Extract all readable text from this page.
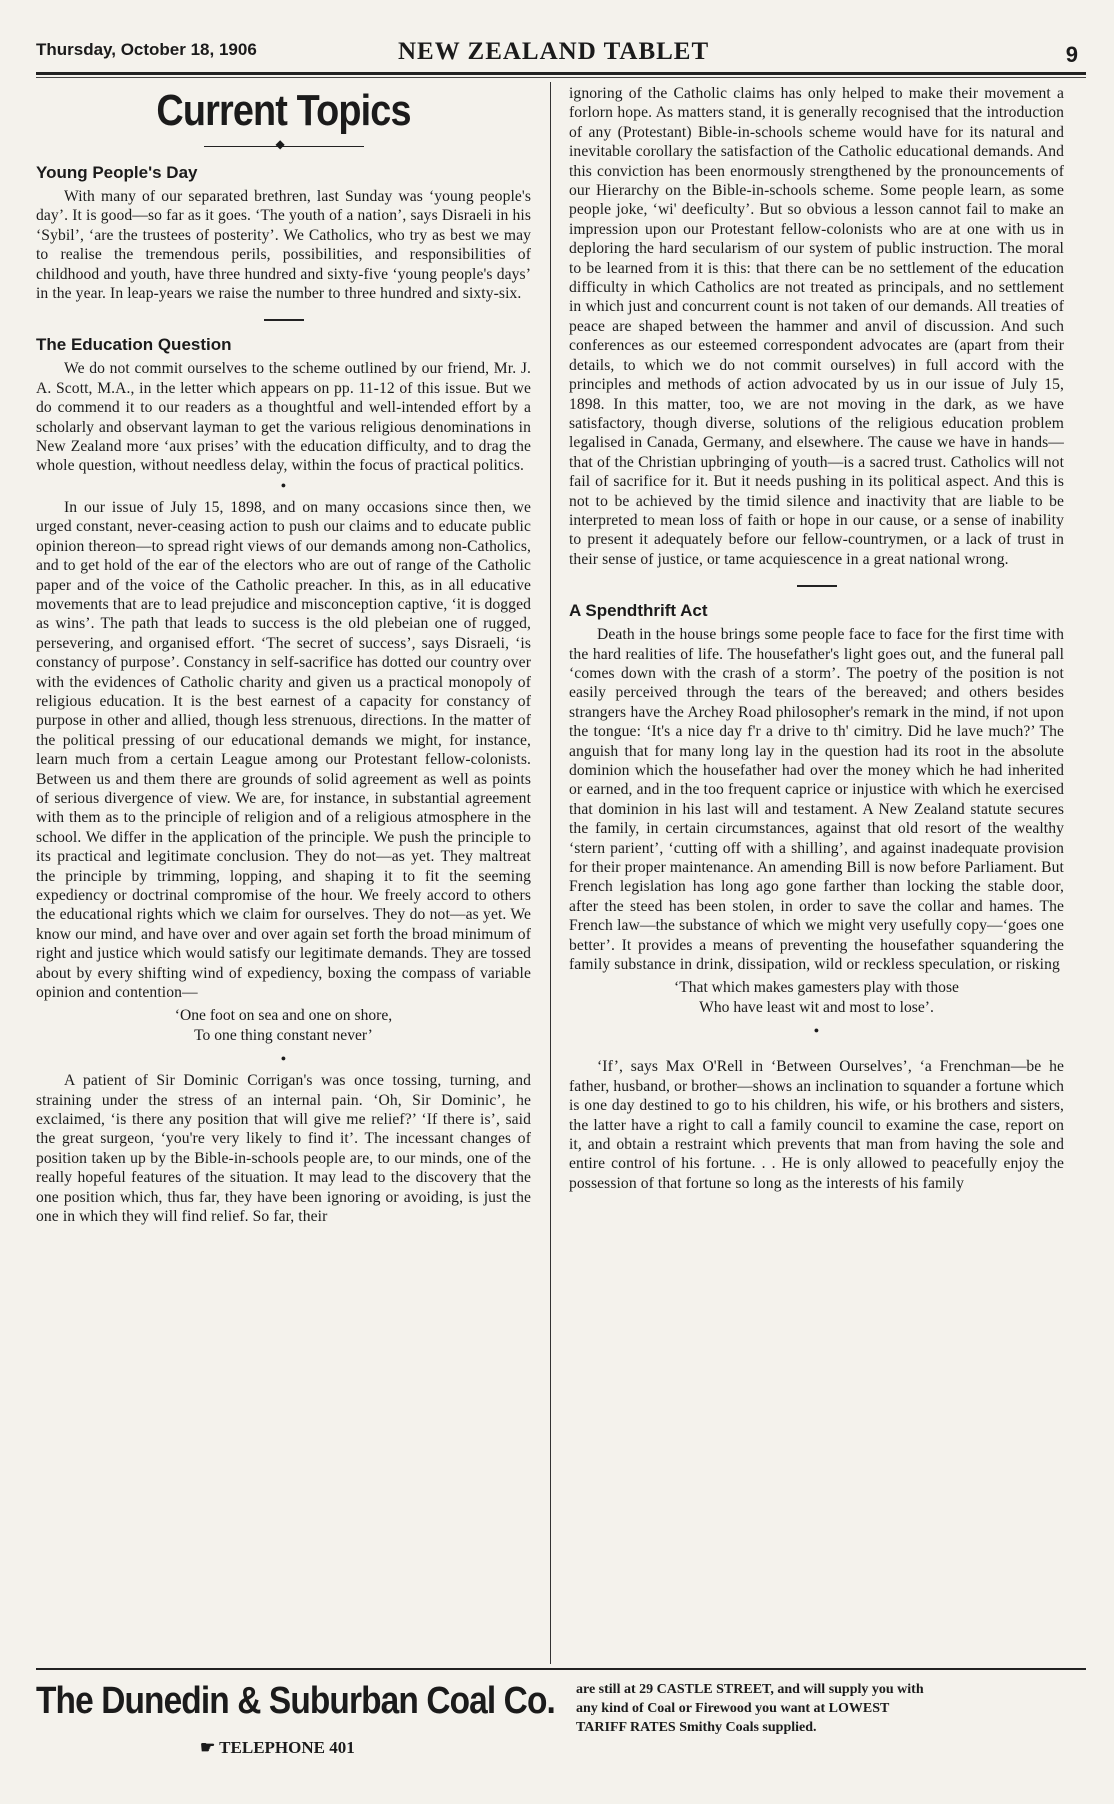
Thursday, October 18, 1906	NEW ZEALAND TABLET	9
Current Topics
◆
Young People's Day

With many of our separated brethren, last Sunday was ‘young people's day’. It is good—so far as it goes. ‘The youth of a nation’, says Disraeli in his ‘Sybil’, ‘are the trustees of posterity’. We Catholics, who try as best we may to realise the tremendous perils, possibilities, and responsibilities of childhood and youth, have three hundred and sixty-five ‘young people's days’ in the year. In leap-years we raise the number to three hundred and sixty-six.

The Education Question

We do not commit ourselves to the scheme outlined by our friend, Mr. J. A. Scott, M.A., in the letter which appears on pp. 11-12 of this issue. But we do commend it to our readers as a thoughtful and well-intended effort by a scholarly and observant layman to get the various religious denominations in New Zealand more ‘aux prises’ with the education difficulty, and to drag the whole question, without needless delay, within the focus of practical politics.

●

In our issue of July 15, 1898, and on many occasions since then, we urged constant, never-ceasing action to push our claims and to educate public opinion thereon—to spread right views of our demands among non-Catholics, and to get hold of the ear of the electors who are out of range of the Catholic paper and of the voice of the Catholic preacher. In this, as in all educative movements that are to lead prejudice and misconception captive, ‘it is dogged as wins’. The path that leads to success is the old plebeian one of rugged, persevering, and organised effort. ‘The secret of success’, says Disraeli, ‘is constancy of purpose’. Constancy in self-sacrifice has dotted our country over with the evidences of Catholic charity and given us a practical monopoly of religious education. It is the best earnest of a capacity for constancy of purpose in other and allied, though less strenuous, directions. In the matter of the political pressing of our educational demands we might, for instance, learn much from a certain League among our Protestant fellow-colonists. Between us and them there are grounds of solid agreement as well as points of serious divergence of view. We are, for instance, in substantial agreement with them as to the principle of religion and of a religious atmosphere in the school. We differ in the application of the principle. We push the principle to its practical and legitimate conclusion. They do not—as yet. They maltreat the principle by trimming, lopping, and shaping it to fit the seeming expediency or doctrinal compromise of the hour. We freely accord to others the educational rights which we claim for ourselves. They do not—as yet. We know our mind, and have over and over again set forth the broad minimum of right and justice which would satisfy our legitimate demands. They are tossed about by every shifting wind of expediency, boxing the compass of variable opinion and contention—

‘One foot on sea and one on shore,
To one thing constant never’
●

A patient of Sir Dominic Corrigan's was once tossing, turning, and straining under the stress of an internal pain. ‘Oh, Sir Dominic’, he exclaimed, ‘is there any position that will give me relief?’ ‘If there is’, said the great surgeon, ‘you're very likely to find it’. The incessant changes of position taken up by the Bible-in-schools people are, to our minds, one of the really hopeful features of the situation. It may lead to the discovery that the one position which, thus far, they have been ignoring or avoiding, is just the one in which they will find relief. So far, their

ignoring of the Catholic claims has only helped to make their movement a forlorn hope. As matters stand, it is generally recognised that the introduction of any (Protestant) Bible-in-schools scheme would have for its natural and inevitable corollary the satisfaction of the Catholic educational demands. And this conviction has been enormously strengthened by the pronouncements of our Hierarchy on the Bible-in-schools scheme. Some people learn, as some people joke, ‘wi' deeficulty’. But so obvious a lesson cannot fail to make an impression upon our Protestant fellow-colonists who are at one with us in deploring the hard secularism of our system of public instruction. The moral to be learned from it is this: that there can be no settlement of the education difficulty in which Catholics are not treated as principals, and no settlement in which just and concurrent count is not taken of our demands. All treaties of peace are shaped between the hammer and anvil of discussion. And such conferences as our esteemed correspondent advocates are (apart from their details, to which we do not commit ourselves) in full accord with the principles and methods of action advocated by us in our issue of July 15, 1898. In this matter, too, we are not moving in the dark, as we have satisfactory, though diverse, solutions of the religious education problem legalised in Canada, Germany, and elsewhere. The cause we have in hands—that of the Christian upbringing of youth—is a sacred trust. Catholics will not fail of sacrifice for it. But it needs pushing in its political aspect. And this is not to be achieved by the timid silence and inactivity that are liable to be interpreted to mean loss of faith or hope in our cause, or a sense of inability to present it adequately before our fellow-countrymen, or a lack of trust in their sense of justice, or tame acquiescence in a great national wrong.

A Spendthrift Act

Death in the house brings some people face to face for the first time with the hard realities of life. The housefather's light goes out, and the funeral pall ‘comes down with the crash of a storm’. The poetry of the position is not easily perceived through the tears of the bereaved; and others besides strangers have the Archey Road philosopher's remark in the mind, if not upon the tongue: ‘It's a nice day f'r a drive to th' cimitry. Did he lave much?’ The anguish that for many long lay in the question had its root in the absolute dominion which the housefather had over the money which he had inherited or earned, and in the too frequent caprice or injustice with which he exercised that dominion in his last will and testament. A New Zealand statute secures the family, in certain circumstances, against that old resort of the wealthy ‘stern parient’, ‘cutting off with a shilling’, and against inadequate provision for their proper maintenance. An amending Bill is now before Parliament. But French legislation has long ago gone farther than locking the stable door, after the steed has been stolen, in order to save the collar and hames. The French law—the substance of which we might very usefully copy—‘goes one better’. It provides a means of preventing the housefather squandering the family substance in drink, dissipation, wild or reckless speculation, or risking

‘That which makes gamesters play with those
Who have least wit and most to lose’.
●

‘If’, says Max O'Rell in ‘Between Ourselves’, ‘a Frenchman—be he father, husband, or brother—shows an inclination to squander a fortune which is one day destined to go to his children, his wife, or his brothers and sisters, the latter have a right to call a family council to examine the case, report on it, and obtain a restraint which prevents that man from having the sole and entire control of his fortune. . . He is only allowed to peacefully enjoy the possession of that fortune so long as the interests of his family

The Dunedin & Suburban Coal Co.
☛ TELEPHONE 401
are still at 29 CASTLE STREET, and will supply you with
any kind of Coal or Firewood you want at LOWEST
TARIFF RATES Smithy Coals supplied.
